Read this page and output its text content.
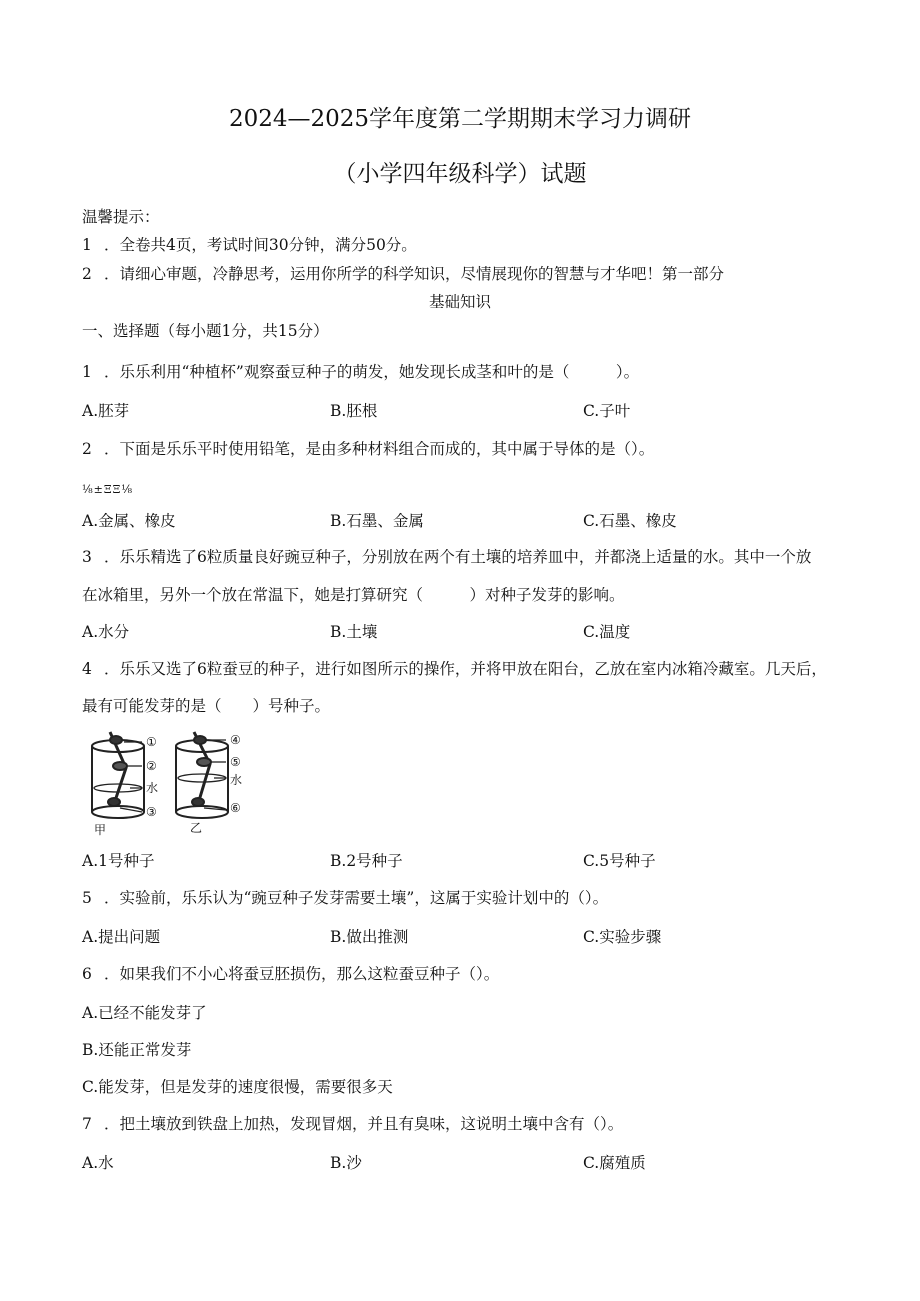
2024—2025学年度第二学期期末学习力调研
（小学四年级科学）试题
温馨提示：
1 ．全卷共4页，考试时间30分钟，满分50分。
2 ．请细心审题，冷静思考，运用你所学的科学知识，尽情展现你的智慧与才华吧！第一部分
基础知识
一、选择题（每小题1分，共15分）
1 ．乐乐利用“种植杯”观察蚕豆种子的萌发，她发现长成茎和叶的是（　　　）。
A.胚芽	B.胚根	C.子叶
2 ．下面是乐乐平时使用铅笔，是由多种材料组合而成的，其中属于导体的是（）。
⅛±ΞΞ⅛
A.金属、橡皮	B.石墨、金属	C.石墨、橡皮
3 ．乐乐精选了6粒质量良好豌豆种子，分别放在两个有土壤的培养皿中，并都浇上适量的水。其中一个放
在冰箱里，另外一个放在常温下，她是打算研究（　　　）对种子发芽的影响。
A.水分	B.土壤	C.温度
4 ．乐乐又选了6粒蚕豆的种子，进行如图所示的操作，并将甲放在阳台，乙放在室内冰箱冷藏室。几天后，
最有可能发芽的是（　　）号种子。
①
②
水
③
④
⑤
水
⑥
甲	乙
A.1号种子	B.2号种子	C.5号种子
5 ．实验前，乐乐认为“豌豆种子发芽需要土壤”，这属于实验计划中的（）。
A.提出问题	B.做出推测	C.实验步骤
6 ．如果我们不小心将蚕豆胚损伤，那么这粒蚕豆种子（）。
A.已经不能发芽了
B.还能正常发芽
C.能发芽，但是发芽的速度很慢，需要很多天
7 ．把土壤放到铁盘上加热，发现冒烟，并且有臭味，这说明土壤中含有（）。
A.水	B.沙	C.腐殖质
